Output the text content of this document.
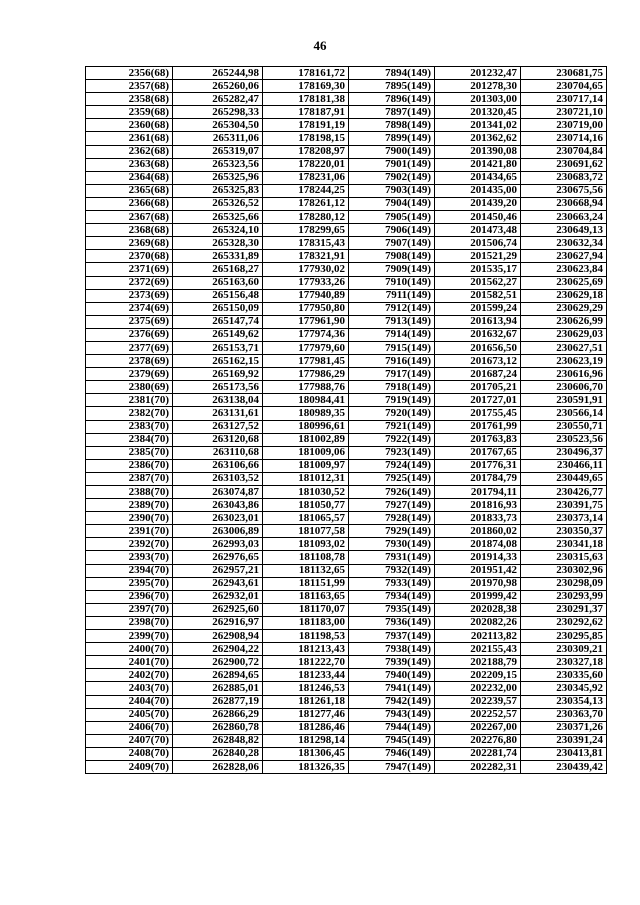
46
2356(68)	265244,98	178161,72	7894(149)	201232,47	230681,75
2357(68)	265260,06	178169,30	7895(149)	201278,30	230704,65
2358(68)	265282,47	178181,38	7896(149)	201303,00	230717,14
2359(68)	265298,33	178187,91	7897(149)	201320,45	230721,10
2360(68)	265304,50	178191,19	7898(149)	201341,02	230719,00
2361(68)	265311,06	178198,15	7899(149)	201362,62	230714,16
2362(68)	265319,07	178208,97	7900(149)	201390,08	230704,84
2363(68)	265323,56	178220,01	7901(149)	201421,80	230691,62
2364(68)	265325,96	178231,06	7902(149)	201434,65	230683,72
2365(68)	265325,83	178244,25	7903(149)	201435,00	230675,56
2366(68)	265326,52	178261,12	7904(149)	201439,20	230668,94
2367(68)	265325,66	178280,12	7905(149)	201450,46	230663,24
2368(68)	265324,10	178299,65	7906(149)	201473,48	230649,13
2369(68)	265328,30	178315,43	7907(149)	201506,74	230632,34
2370(68)	265331,89	178321,91	7908(149)	201521,29	230627,94
2371(69)	265168,27	177930,02	7909(149)	201535,17	230623,84
2372(69)	265163,60	177933,26	7910(149)	201562,27	230625,69
2373(69)	265156,48	177940,89	7911(149)	201582,51	230629,18
2374(69)	265150,09	177950,80	7912(149)	201599,24	230629,29
2375(69)	265147,74	177961,90	7913(149)	201613,94	230626,99
2376(69)	265149,62	177974,36	7914(149)	201632,67	230629,03
2377(69)	265153,71	177979,60	7915(149)	201656,50	230627,51
2378(69)	265162,15	177981,45	7916(149)	201673,12	230623,19
2379(69)	265169,92	177986,29	7917(149)	201687,24	230616,96
2380(69)	265173,56	177988,76	7918(149)	201705,21	230606,70
2381(70)	263138,04	180984,41	7919(149)	201727,01	230591,91
2382(70)	263131,61	180989,35	7920(149)	201755,45	230566,14
2383(70)	263127,52	180996,61	7921(149)	201761,99	230550,71
2384(70)	263120,68	181002,89	7922(149)	201763,83	230523,56
2385(70)	263110,68	181009,06	7923(149)	201767,65	230496,37
2386(70)	263106,66	181009,97	7924(149)	201776,31	230466,11
2387(70)	263103,52	181012,31	7925(149)	201784,79	230449,65
2388(70)	263074,87	181030,52	7926(149)	201794,11	230426,77
2389(70)	263043,86	181050,77	7927(149)	201816,93	230391,75
2390(70)	263023,01	181065,57	7928(149)	201833,73	230373,14
2391(70)	263006,89	181077,58	7929(149)	201860,02	230350,37
2392(70)	262993,03	181093,02	7930(149)	201874,08	230341,18
2393(70)	262976,65	181108,78	7931(149)	201914,33	230315,63
2394(70)	262957,21	181132,65	7932(149)	201951,42	230302,96
2395(70)	262943,61	181151,99	7933(149)	201970,98	230298,09
2396(70)	262932,01	181163,65	7934(149)	201999,42	230293,99
2397(70)	262925,60	181170,07	7935(149)	202028,38	230291,37
2398(70)	262916,97	181183,00	7936(149)	202082,26	230292,62
2399(70)	262908,94	181198,53	7937(149)	202113,82	230295,85
2400(70)	262904,22	181213,43	7938(149)	202155,43	230309,21
2401(70)	262900,72	181222,70	7939(149)	202188,79	230327,18
2402(70)	262894,65	181233,44	7940(149)	202209,15	230335,60
2403(70)	262885,01	181246,53	7941(149)	202232,00	230345,92
2404(70)	262877,19	181261,18	7942(149)	202239,57	230354,13
2405(70)	262866,29	181277,46	7943(149)	202252,57	230363,70
2406(70)	262860,78	181286,46	7944(149)	202267,00	230371,26
2407(70)	262848,82	181298,14	7945(149)	202276,80	230391,24
2408(70)	262840,28	181306,45	7946(149)	202281,74	230413,81
2409(70)	262828,06	181326,35	7947(149)	202282,31	230439,42
